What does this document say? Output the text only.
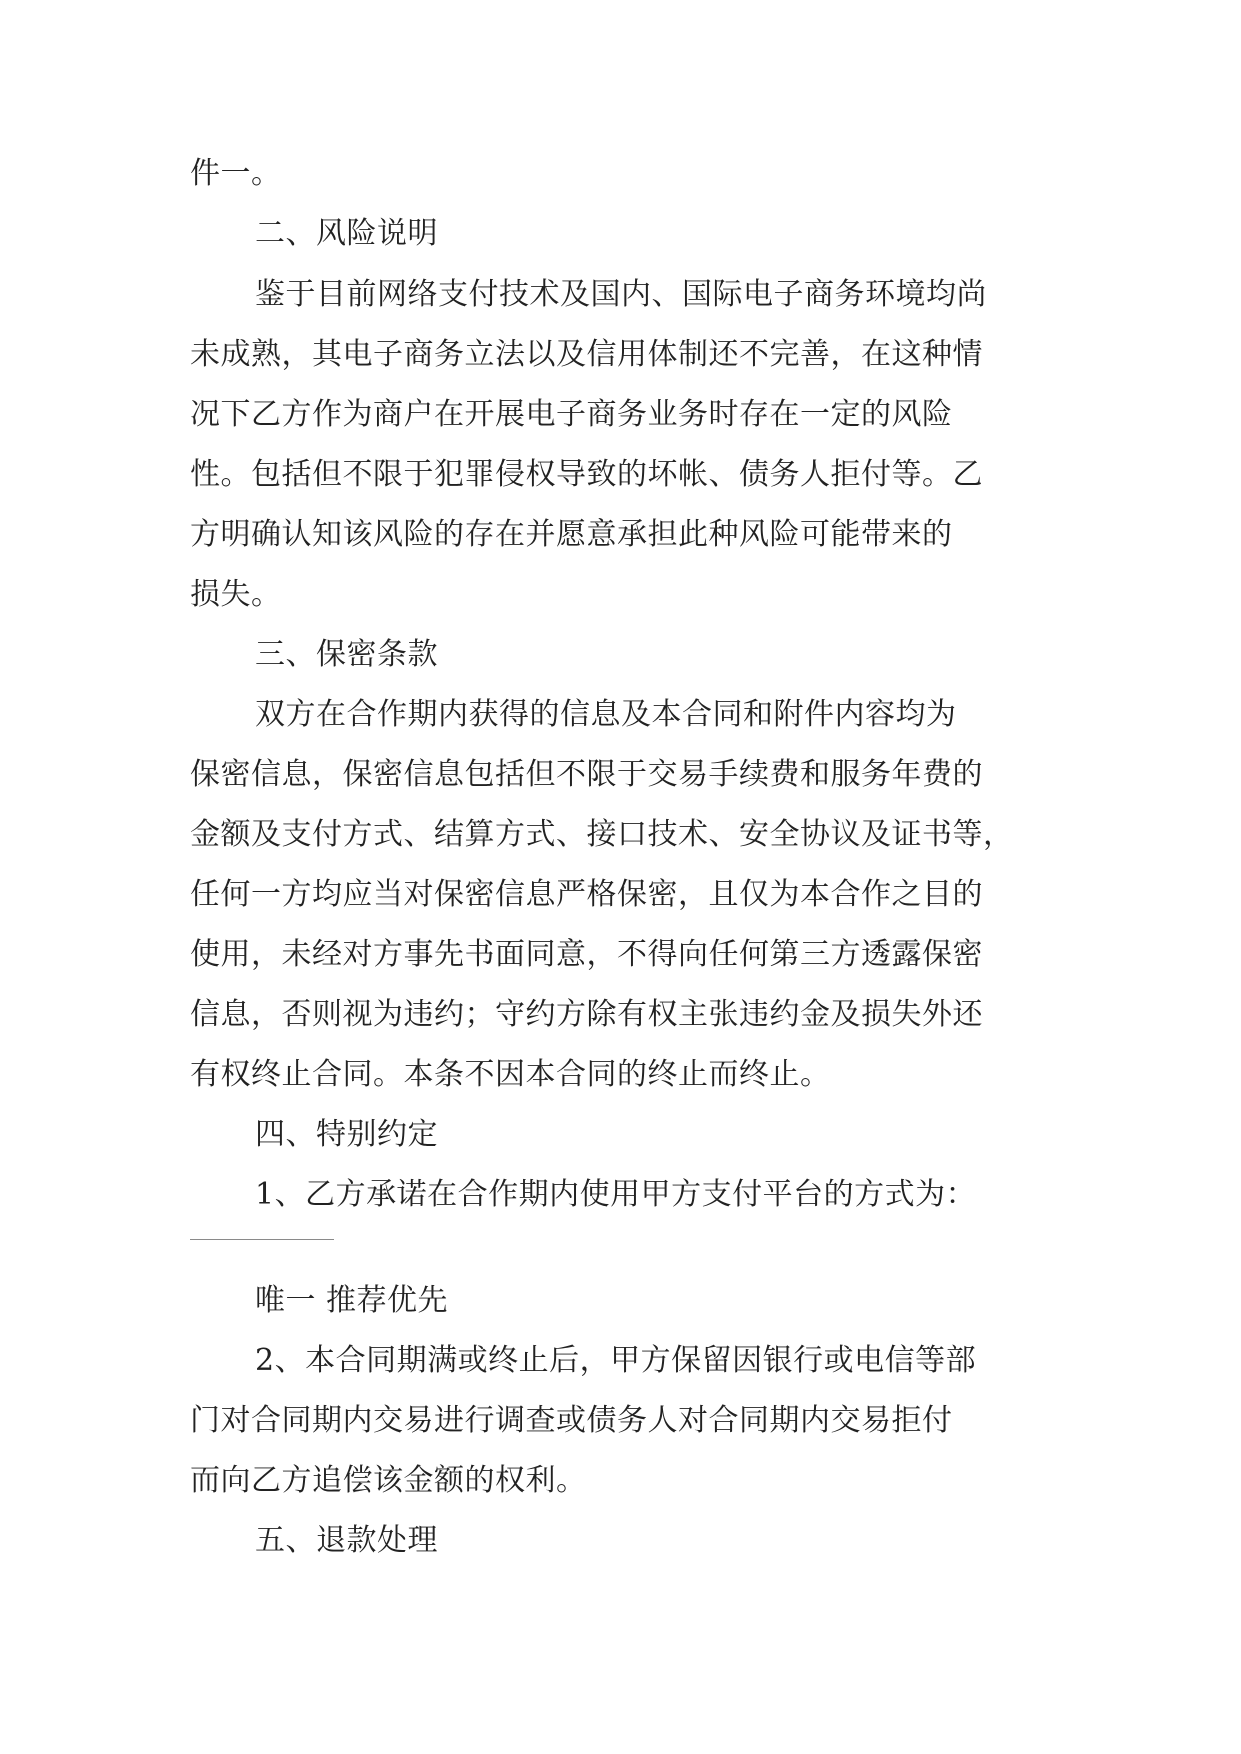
件一。
二、风险说明
鉴于目前网络支付技术及国内、国际电子商务环境均尚
未成熟，其电子商务立法以及信用体制还不完善，在这种情
况下乙方作为商户在开展电子商务业务时存在一定的风险
性。包括但不限于犯罪侵权导致的坏帐、债务人拒付等。乙
方明确认知该风险的存在并愿意承担此种风险可能带来的
损失。
三、保密条款
双方在合作期内获得的信息及本合同和附件内容均为
保密信息，保密信息包括但不限于交易手续费和服务年费的
金额及支付方式、结算方式、接口技术、安全协议及证书等，
任何一方均应当对保密信息严格保密，且仅为本合作之目的
使用，未经对方事先书面同意，不得向任何第三方透露保密
信息，否则视为违约；守约方除有权主张违约金及损失外还
有权终止合同。本条不因本合同的终止而终止。
四、特别约定
1、乙方承诺在合作期内使用甲方支付平台的方式为：
唯一 推荐优先
2、本合同期满或终止后，甲方保留因银行或电信等部
门对合同期内交易进行调查或债务人对合同期内交易拒付
而向乙方追偿该金额的权利。
五、退款处理
